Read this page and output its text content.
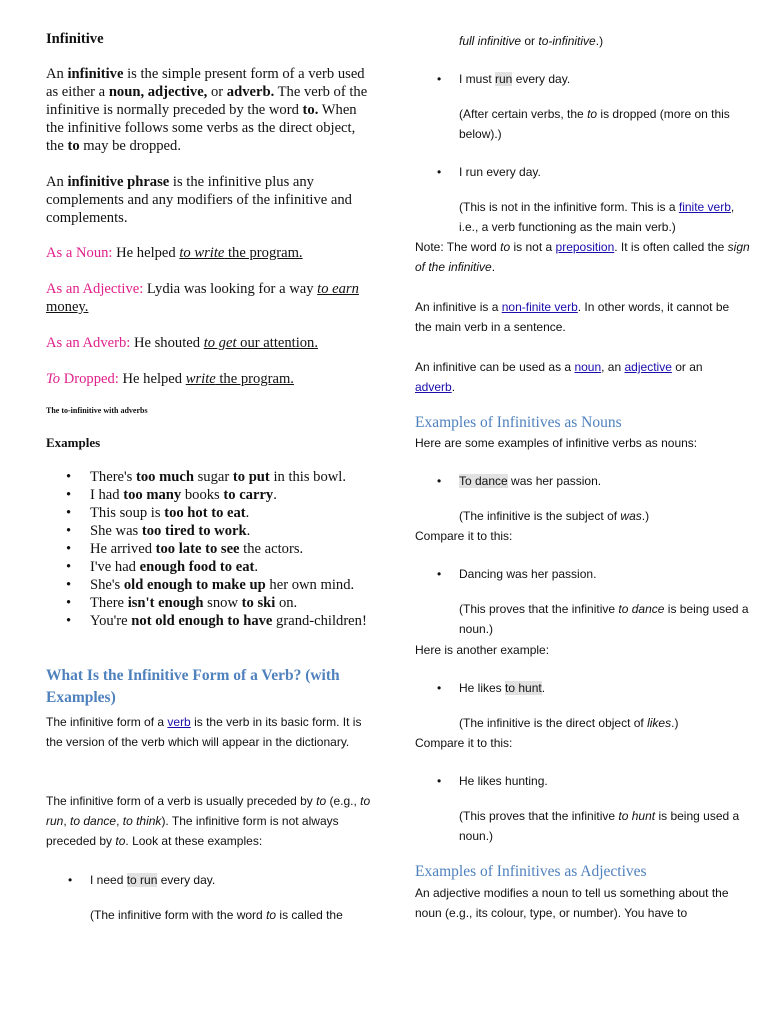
Infinitive

An infinitive is the simple present form of a verb used as either a noun, adjective, or adverb. The verb of the infinitive is normally preceded by the word to. When the infinitive follows some verbs as the direct object, the to may be dropped.

An infinitive phrase is the infinitive plus any complements and any modifiers of the infinitive and complements.

As a Noun: He helped to write the program.

As an Adjective: Lydia was looking for a way to earn money.

As an Adverb: He shouted to get our attention.

To Dropped: He helped write the program.

The to-infinitive with adverbs

Examples

• There's too much sugar to put in this bowl.
• I had too many books to carry.
• This soup is too hot to eat.
• She was too tired to work.
• He arrived too late to see the actors.
• I've had enough food to eat.
• She's old enough to make up her own mind.
• There isn't enough snow to ski on.
• You're not old enough to have grand-children!
What Is the Infinitive Form of a Verb? (with Examples)

The infinitive form of a verb is the verb in its basic form. It is the version of the verb which will appear in the dictionary.

The infinitive form of a verb is usually preceded by to (e.g., to run, to dance, to think). The infinitive form is not always preceded by to. Look at these examples:

• I need to run every day.

(The infinitive form with the word to is called the

full infinitive or to-infinitive.)

• I must run every day.

(After certain verbs, the to is dropped (more on this below).)

• I run every day.

(This is not in the infinitive form. This is a finite verb, i.e., a verb functioning as the main verb.)

Note: The word to is not a preposition. It is often called the sign of the infinitive.

An infinitive is a non-finite verb. In other words, it cannot be the main verb in a sentence.

An infinitive can be used as a noun, an adjective or an adverb.

Examples of Infinitives as Nouns

Here are some examples of infinitive verbs as nouns:

• To dance was her passion.

(The infinitive is the subject of was.)

Compare it to this:

• Dancing was her passion.

(This proves that the infinitive to dance is being used a noun.)

Here is another example:

• He likes to hunt.

(The infinitive is the direct object of likes.)

Compare it to this:

• He likes hunting.

(This proves that the infinitive to hunt is being used a noun.)

Examples of Infinitives as Adjectives

An adjective modifies a noun to tell us something about the noun (e.g., its colour, type, or number). You have to
